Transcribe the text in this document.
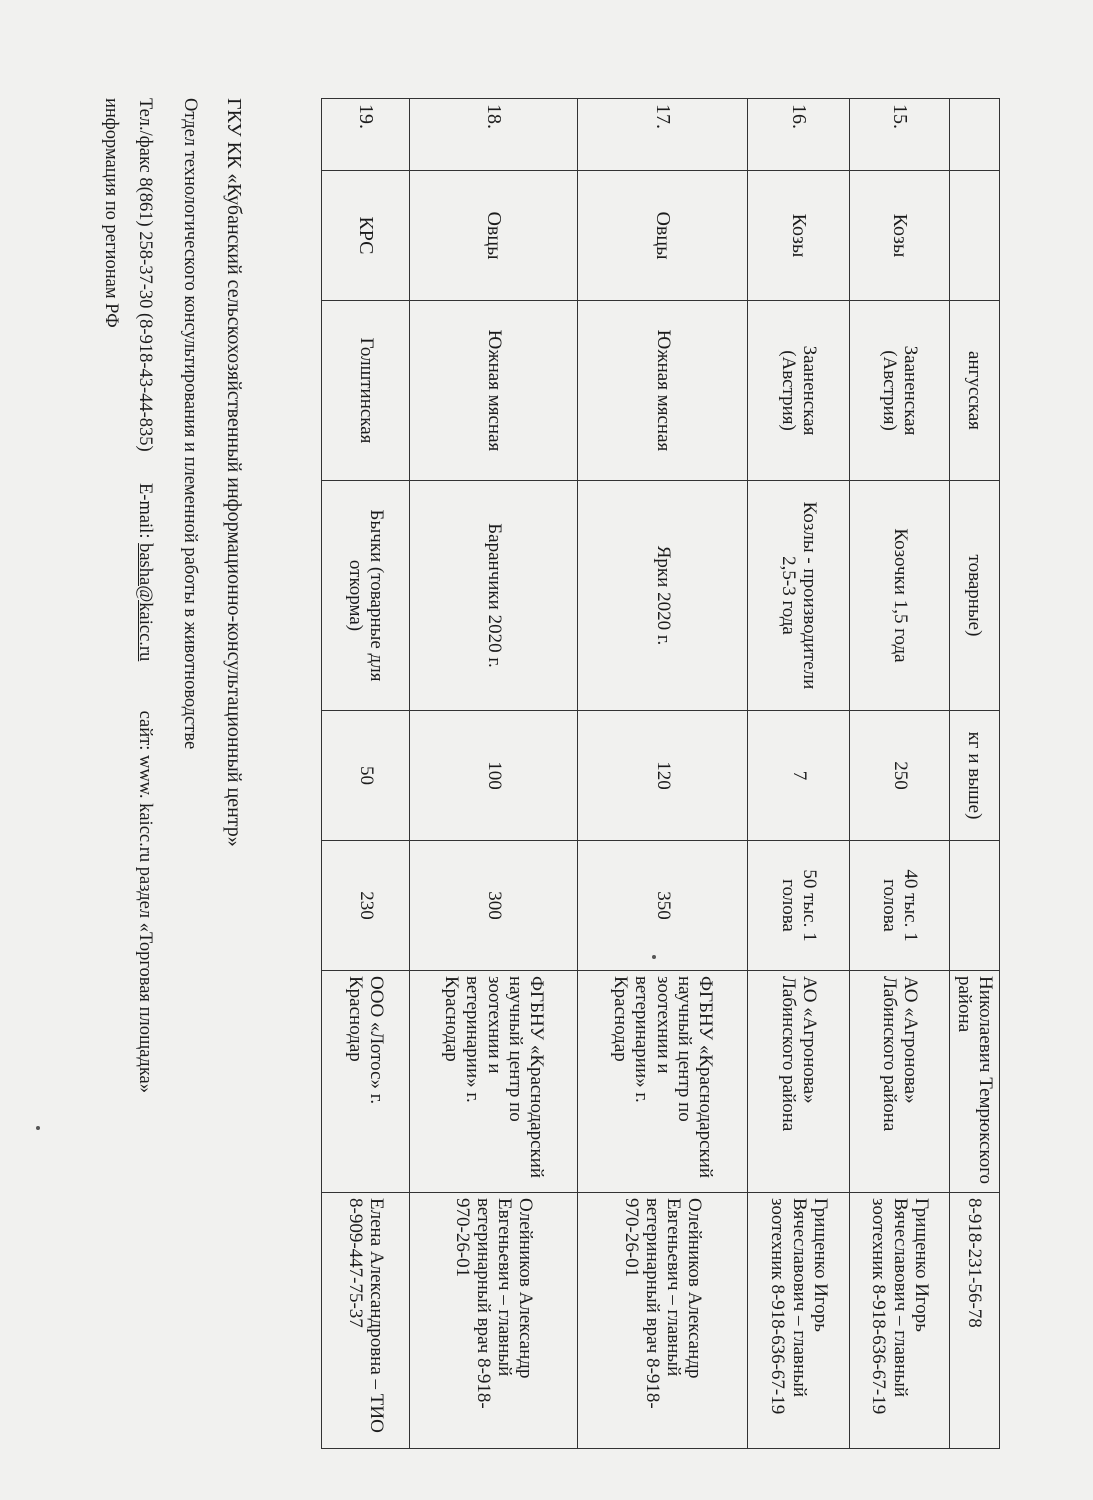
		ангусская	товарные)	кг и выше)		Николаевич Темрюкского района	8-918-231-56-78
15.	Козы	Зааненская (Австрия)	Козочки 1,5 года	250	40 тыс. 1 голова	АО «Агронова» Лабинского района	Грищенко Игорь Вячеславович – главный зоотехник 8-918-636-67-19
16.	Козы	Зааненская (Австрия)	Козлы - производители 2,5-3 года	7	50 тыс. 1 голова	АО «Агронова» Лабинского района	Грищенко Игорь Вячеславович – главный зоотехник 8-918-636-67-19
17.	Овцы	Южная мясная	Ярки 2020 г.	120	350	ФГБНУ «Краснодарский научный центр по зоотехнии и ветеринарии» г. Краснодар	Олейников Александр Евгеньевич – главный ветеринарный врач 8-918-970-26-01
18.	Овцы	Южная мясная	Баранчики 2020 г.	100	300	ФГБНУ «Краснодарский научный центр по зоотехнии и ветеринарии» г. Краснодар	Олейников Александр Евгеньевич – главный ветеринарный врач 8-918-970-26-01
19.	КРС	Голштинская	Бычки (товарные для откорма)	50	230	ООО «Лотос» г. Краснодар	Елена Александровна – ТИО 8-909-447-75-37
ГКУ КК «Кубанский сельскохозяйственный информационно-консультационный центр»
Отдел технологического консультирования и племенной работы в животноводстве
Тел./факс 8(861) 258-37-30 (8-918-43-44-835)  E-mail: basha@kaicc.ru  сайт: www. kaicc.ru раздел «Торговая площадка»
информация по регионам РФ
